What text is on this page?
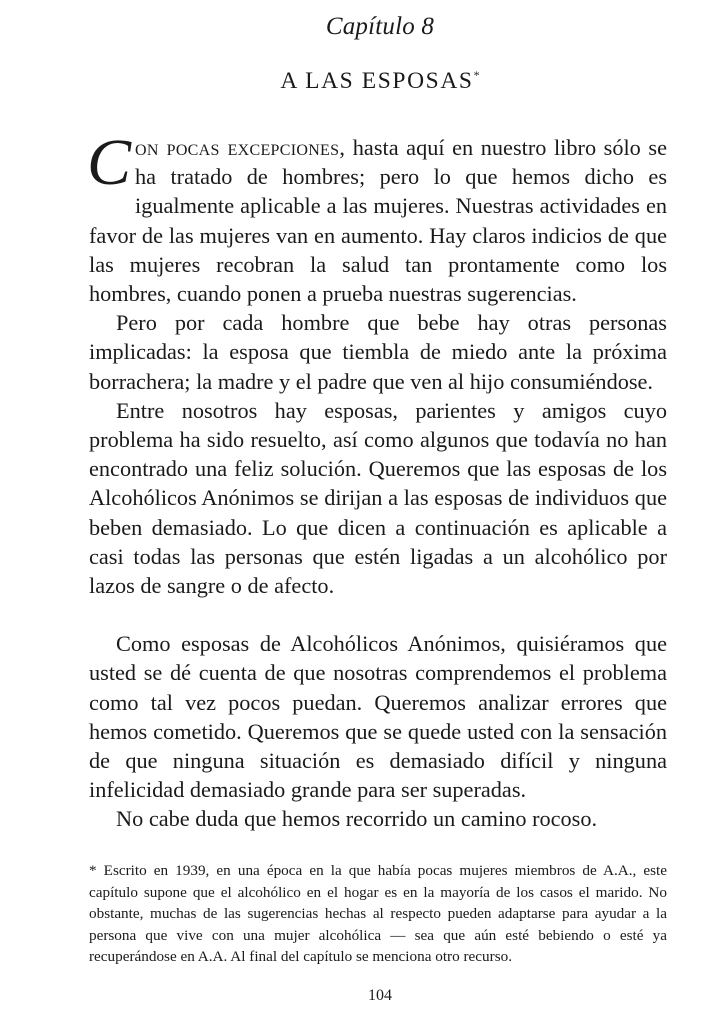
Capítulo 8
A LAS ESPOSAS*

Con pocas excepciones, hasta aquí en nuestro libro sólo se ha tratado de hombres; pero lo que hemos dicho es igualmente aplicable a las mujeres. Nuestras actividades en favor de las mujeres van en aumento. Hay claros indicios de que las mujeres recobran la salud tan prontamente como los hombres, cuando ponen a prueba nuestras sugerencias.

Pero por cada hombre que bebe hay otras personas implicadas: la esposa que tiembla de miedo ante la próxima borrachera; la madre y el padre que ven al hijo consumiéndose.

Entre nosotros hay esposas, parientes y amigos cuyo problema ha sido resuelto, así como algunos que todavía no han encontrado una feliz solución. Queremos que las esposas de los Alcohólicos Anónimos se dirijan a las esposas de individuos que beben demasiado. Lo que dicen a continuación es aplicable a casi todas las personas que estén ligadas a un alcohólico por lazos de sangre o de afecto.

Como esposas de Alcohólicos Anónimos, quisiéramos que usted se dé cuenta de que nosotras comprendemos el problema como tal vez pocos puedan. Queremos analizar errores que hemos cometido. Queremos que se quede usted con la sensación de que ninguna situación es demasiado difícil y ninguna infelicidad demasiado grande para ser superadas.

No cabe duda que hemos recorrido un camino rocoso.

* Escrito en 1939, en una época en la que había pocas mujeres miembros de A.A., este capítulo supone que el alcohólico en el hogar es en la mayoría de los casos el marido. No obstante, muchas de las sugerencias hechas al respecto pueden adaptarse para ayudar a la persona que vive con una mujer alcohólica — sea que aún esté bebiendo o esté ya recuperándose en A.A. Al final del capítulo se menciona otro recurso.

104
